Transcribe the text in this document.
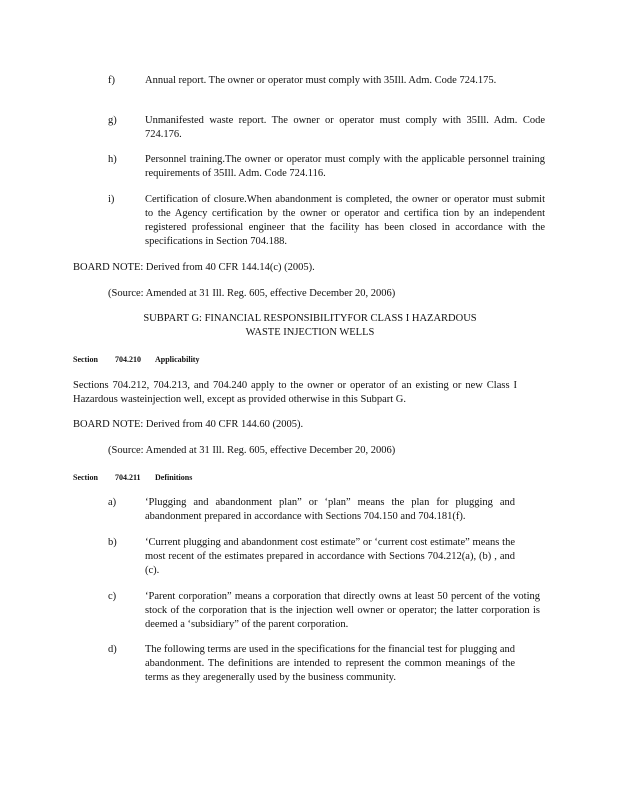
f)	Annual report. The owner or operator must comply with 35Ill. Adm. Code 724.175.
g)	Unmanifested waste report. The owner or operator must comply with 35Ill. Adm. Code 724.176.
h)	Personnel training.The owner or operator must comply with the applicable personnel training requirements of 35Ill. Adm. Code 724.116.
i)	Certification of closure.When abandonment is completed, the owner or operator must submit to the Agency certification by the owner or operator and certifica tion by an independent registered professional engineer that the facility has been closed in accordance with the specifications in Section 704.188.
BOARD NOTE: Derived from 40 CFR 144.14(c) (2005).
(Source: Amended at 31 Ill. Reg. 605, effective December 20, 2006)
SUBPART G: FINANCIAL RESPONSIBILITYFOR CLASS I HAZARDOUS
WASTE INJECTION WELLS
Section 704.210 Applicability
Sections 704.212, 704.213, and 704.240 apply to the owner or operator of an existing or new Class I Hazardous wasteinjection well, except as provided otherwise in this Subpart G.
BOARD NOTE: Derived from 40 CFR 144.60 (2005).
(Source: Amended at 31 Ill. Reg. 605, effective December 20, 2006)
Section 704.211 Definitions
a)	‘Plugging and abandonment plan” or ‘plan” means the plan for plugging and abandonment prepared in accordance with Sections 704.150 and 704.181(f).
b)	‘Current plugging and abandonment cost estimate” or ‘current cost estimate” means the most recent of the estimates prepared in accordance with Sections 704.212(a), (b) , and (c).
c)	‘Parent corporation” means a corporation that directly owns at least 50 percent of the voting stock of the corporation that is the injection well owner or operator; the latter corporation is deemed a ‘subsidiary” of the parent corporation.
d)	The following terms are used in the specifications for the financial test for plugging and abandonment. The definitions are intended to represent the common meanings of the terms as they aregenerally used by the business community.
